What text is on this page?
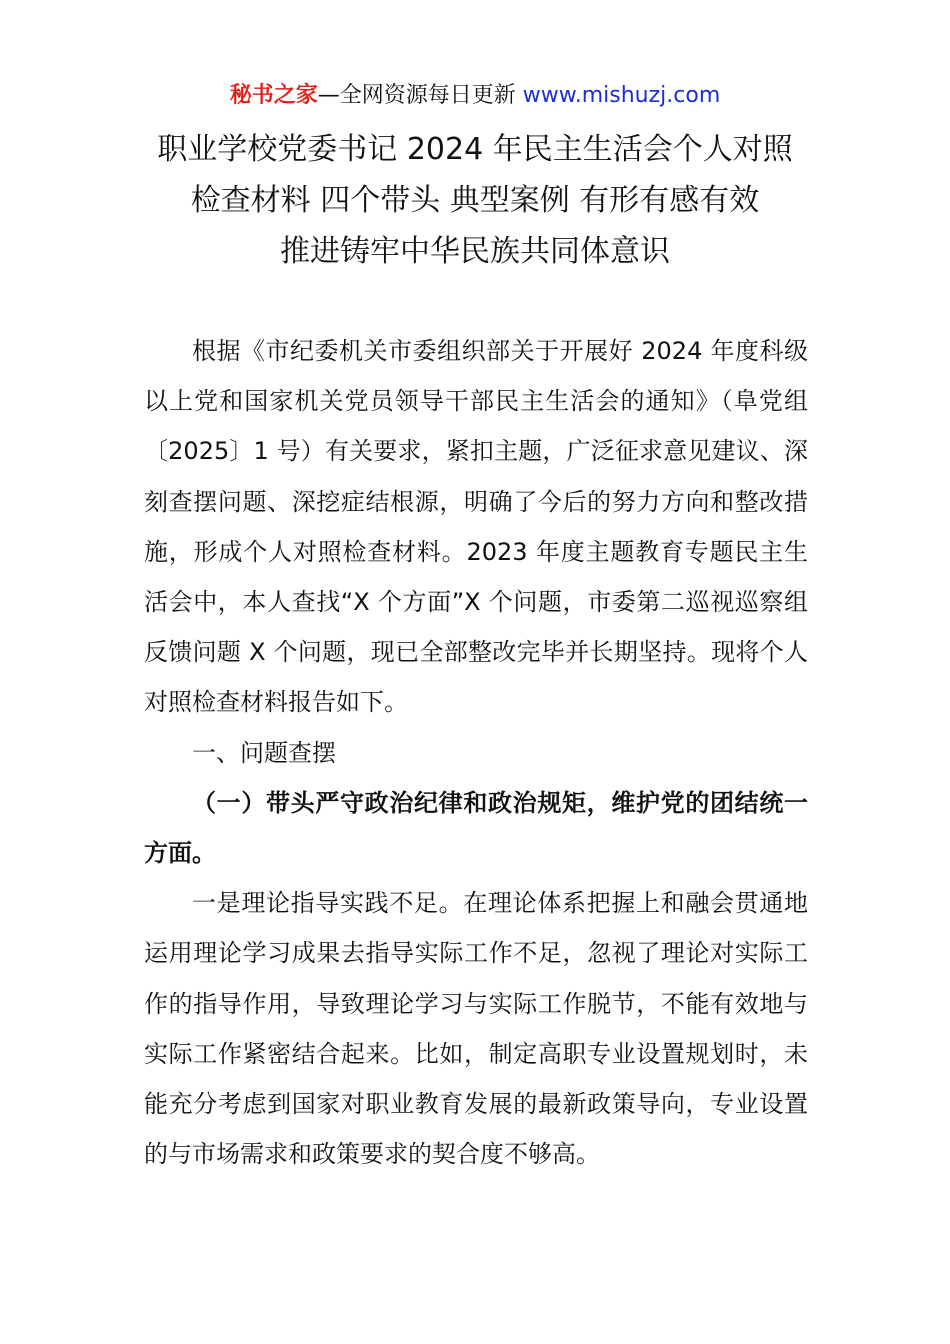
秘书之家—全网资源每日更新 www.mishuzj.com
职业学校党委书记 2024 年民主生活会个人对照
检查材料 四个带头 典型案例 有形有感有效
推进铸牢中华民族共同体意识

根据《市纪委机关市委组织部关于开展好 2024 年度科级以上党和国家机关党员领导干部民主生活会的通知》（阜党组〔2025〕1 号）有关要求，紧扣主题，广泛征求意见建议、深刻查摆问题、深挖症结根源，明确了今后的努力方向和整改措施，形成个人对照检查材料。2023 年度主题教育专题民主生活会中，本人查找“X 个方面”X 个问题，市委第二巡视巡察组反馈问题 X 个问题，现已全部整改完毕并长期坚持。现将个人对照检查材料报告如下。

一、问题查摆

（一）带头严守政治纪律和政治规矩，维护党的团结统一方面。

一是理论指导实践不足。在理论体系把握上和融会贯通地运用理论学习成果去指导实际工作不足，忽视了理论对实际工作的指导作用，导致理论学习与实际工作脱节，不能有效地与实际工作紧密结合起来。比如，制定高职专业设置规划时，未能充分考虑到国家对职业教育发展的最新政策导向，专业设置的与市场需求和政策要求的契合度不够高。
